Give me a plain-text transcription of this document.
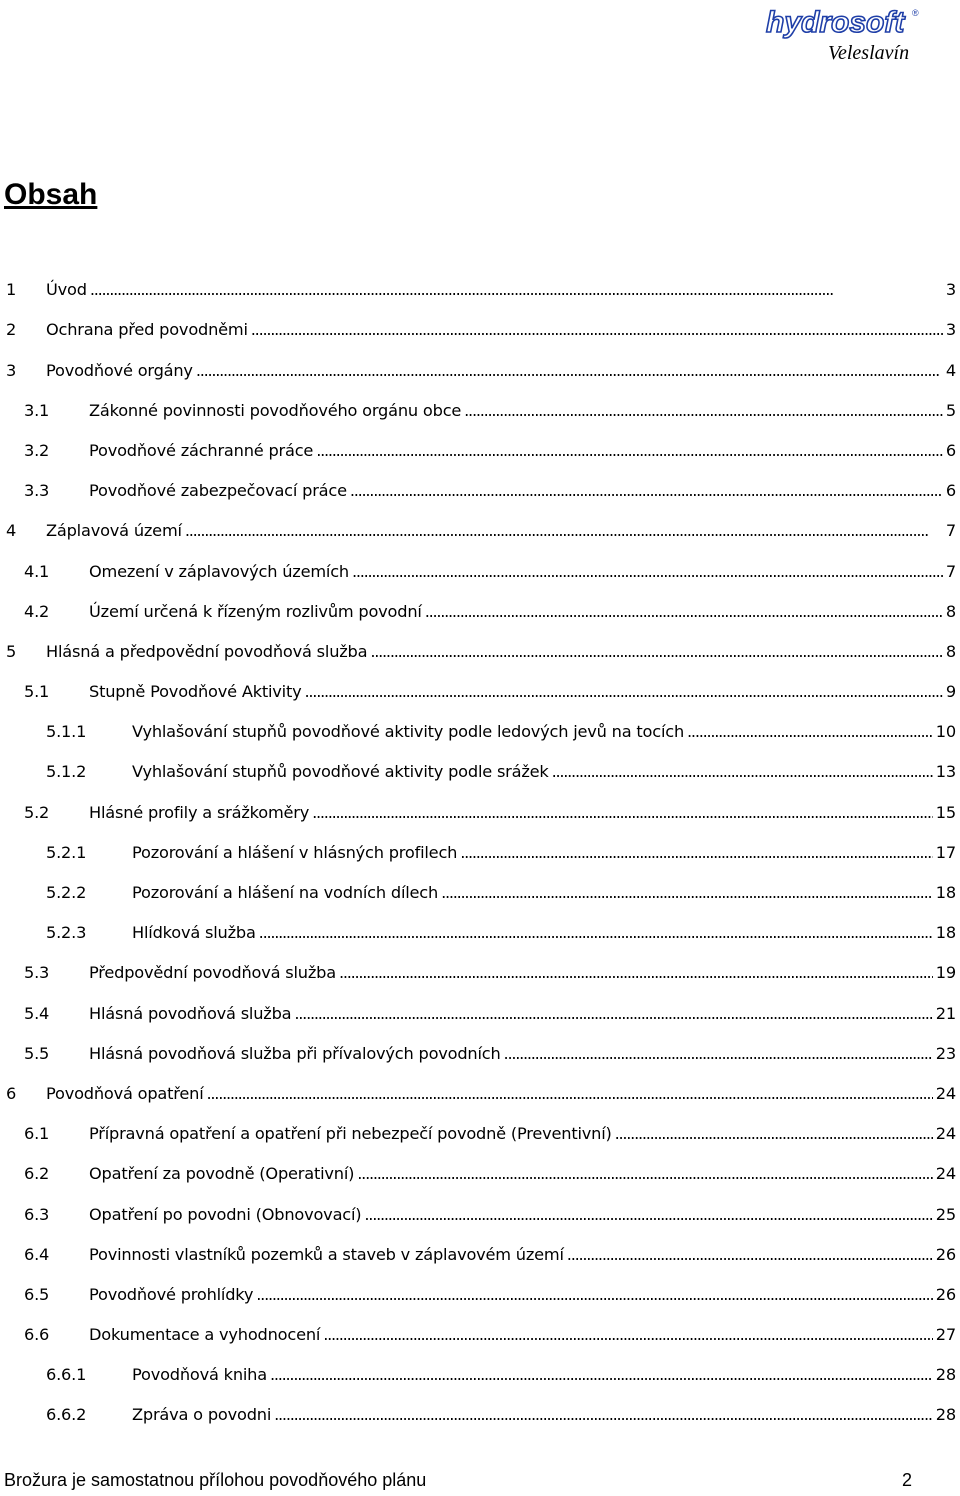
hydrosoft
Veleslavín
®
Obsah
1 Úvod . . .	3
2 Ochrana před povodněmi . . .	3
3 Povodňové orgány . . .	4
3.1 Zákonné povinnosti povodňového orgánu obce . . .	5
3.2 Povodňové záchranné práce . . .	6
3.3 Povodňové zabezpečovací práce . . .	6
4 Záplavová území . . .	7
4.1 Omezení v záplavových územích . . .	7
4.2 Území určená k řízeným rozlivům povodní . . .	8
5 Hlásná a předpovědní povodňová služba . . .	8
5.1 Stupně Povodňové Aktivity . . .	9
5.1.1	Vyhlašování stupňů povodňové aktivity podle ledových jevů na tocích . . .	10
5.1.2	Vyhlašování stupňů povodňové aktivity podle srážek . . .	13
5.2 Hlásné profily a srážkoměry . . .	15
5.2.1	Pozorování a hlášení v hlásných profilech . . .	17
5.2.2	Pozorování a hlášení na vodních dílech . . .	18
5.2.3	Hlídková služba . . .	18
5.3 Předpovědní povodňová služba . . .	19
5.4 Hlásná povodňová služba . . .	21
5.5 Hlásná povodňová služba při přívalových povodních . . .	23
6 Povodňová opatření . . .	24
6.1 Přípravná opatření a opatření při nebezpečí povodně (Preventivní) . . .	24
6.2 Opatření za povodně (Operativní) . . .	24
6.3 Opatření po povodni (Obnovovací) . . .	25
6.4 Povinnosti vlastníků pozemků a staveb v záplavovém území . . .	26
6.5 Povodňové prohlídky . . .	26
6.6 Dokumentace a vyhodnocení . . .	27
6.6.1	Povodňová kniha . . .	28
6.6.2	Zpráva o povodni . . .	28
Brožura je samostatnou přílohou povodňového plánu	2
